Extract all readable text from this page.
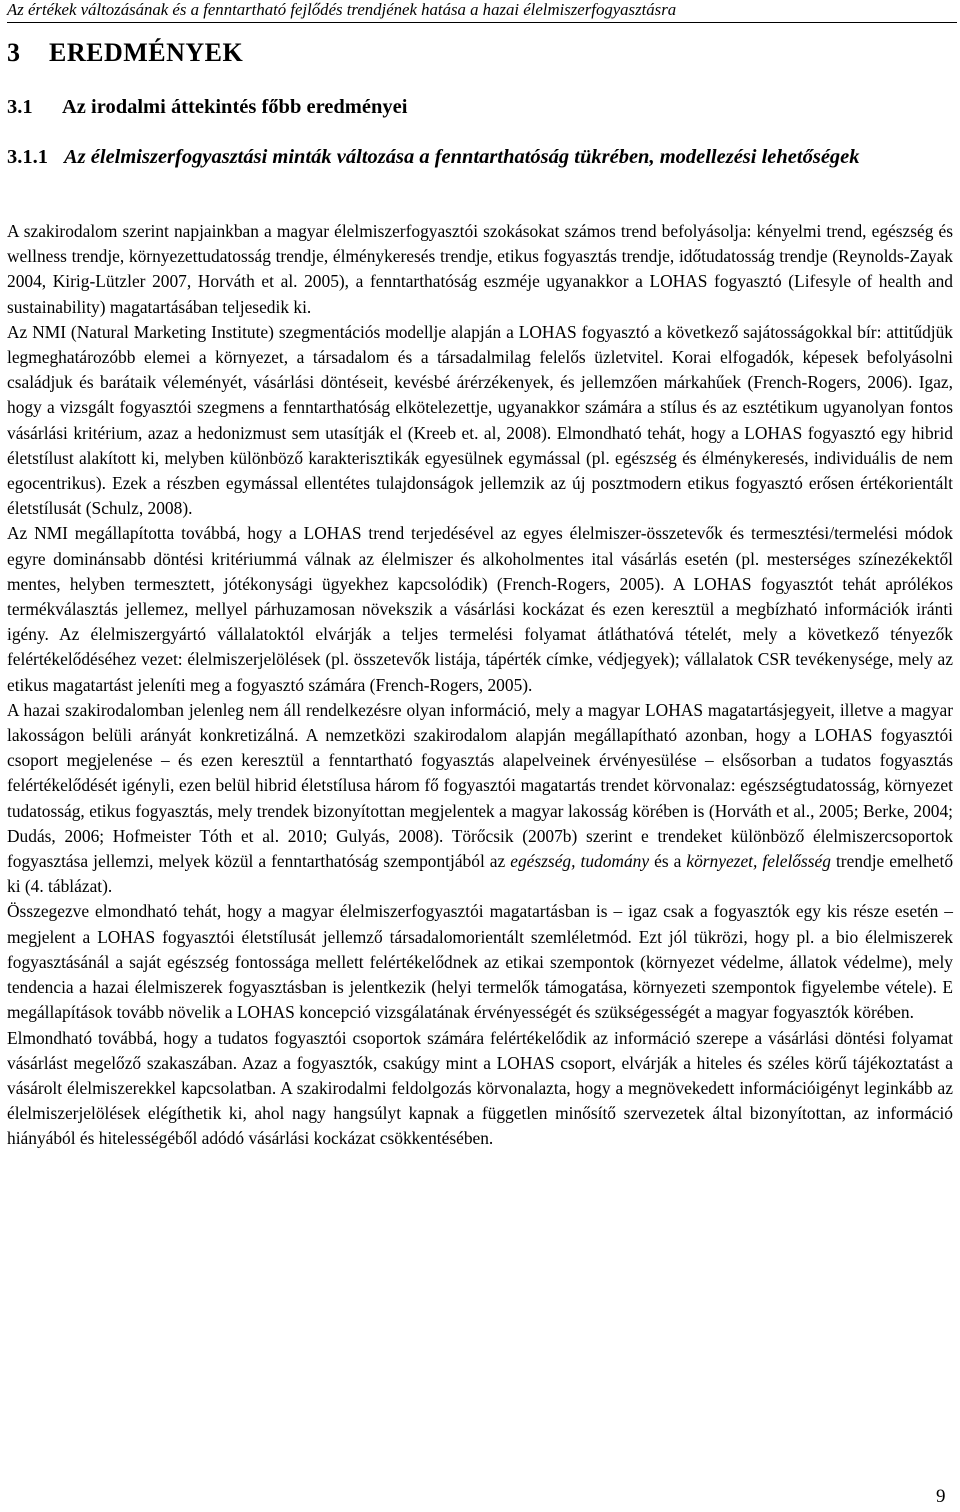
Az értékek változásának és a fenntartható fejlődés trendjének hatása a hazai élelmiszerfogyasztásra
3 EREDMÉNYEK
3.1 Az irodalmi áttekintés főbb eredményei
3.1.1 Az élelmiszerfogyasztási minták változása a fenntarthatóság tükrében, modellezési lehetőségek

A szakirodalom szerint napjainkban a magyar élelmiszerfogyasztói szokásokat számos trend befolyásolja: kényelmi trend, egészség és wellness trendje, környezettudatosság trendje, élménykeresés trendje, etikus fogyasztás trendje, időtudatosság trendje (Reynolds-Zayak 2004, Kirig-Lützler 2007, Horváth et al. 2005), a fenntarthatóság eszméje ugyanakkor a LOHAS fogyasztó (Lifesyle of health and sustainability) magatartásában teljesedik ki.

Az NMI (Natural Marketing Institute) szegmentációs modellje alapján a LOHAS fogyasztó a következő sajátosságokkal bír: attitűdjük legmeghatározóbb elemei a környezet, a társadalom és a társadalmilag felelős üzletvitel. Korai elfogadók, képesek befolyásolni családjuk és barátaik véleményét, vásárlási döntéseit, kevésbé árérzékenyek, és jellemzően márkahűek (French-Rogers, 2006). Igaz, hogy a vizsgált fogyasztói szegmens a fenntarthatóság elkötelezettje, ugyanakkor számára a stílus és az esztétikum ugyanolyan fontos vásárlási kritérium, azaz a hedonizmust sem utasítják el (Kreeb et. al, 2008). Elmondható tehát, hogy a LOHAS fogyasztó egy hibrid életstílust alakított ki, melyben különböző karakterisztikák egyesülnek egymással (pl. egészség és élménykeresés, individuális de nem egocentrikus). Ezek a részben egymással ellentétes tulajdonságok jellemzik az új posztmodern etikus fogyasztó erősen értékorientált életstílusát (Schulz, 2008).

Az NMI megállapította továbbá, hogy a LOHAS trend terjedésével az egyes élelmiszer-összetevők és termesztési/termelési módok egyre dominánsabb döntési kritériummá válnak az élelmiszer és alkoholmentes ital vásárlás esetén (pl. mesterséges színezékektől mentes, helyben termesztett, jótékonysági ügyekhez kapcsolódik) (French-Rogers, 2005). A LOHAS fogyasztót tehát aprólékos termékválasztás jellemez, mellyel párhuzamosan növekszik a vásárlási kockázat és ezen keresztül a megbízható információk iránti igény. Az élelmiszergyártó vállalatoktól elvárják a teljes termelési folyamat átláthatóvá tételét, mely a következő tényezők felértékelődéséhez vezet: élelmiszerjelölések (pl. összetevők listája, tápérték címke, védjegyek); vállalatok CSR tevékenysége, mely az etikus magatartást jeleníti meg a fogyasztó számára (French-Rogers, 2005).

A hazai szakirodalomban jelenleg nem áll rendelkezésre olyan információ, mely a magyar LOHAS magatartásjegyeit, illetve a magyar lakosságon belüli arányát konkretizálná. A nemzetközi szakirodalom alapján megállapítható azonban, hogy a LOHAS fogyasztói csoport megjelenése – és ezen keresztül a fenntartható fogyasztás alapelveinek érvényesülése – elsősorban a tudatos fogyasztás felértékelődését igényli, ezen belül hibrid életstílusa három fő fogyasztói magatartás trendet körvonalaz: egészségtudatosság, környezet tudatosság, etikus fogyasztás, mely trendek bizonyítottan megjelentek a magyar lakosság körében is (Horváth et al., 2005; Berke, 2004; Dudás, 2006; Hofmeister Tóth et al. 2010; Gulyás, 2008). Törőcsik (2007b) szerint e trendeket különböző élelmiszercsoportok fogyasztása jellemzi, melyek közül a fenntarthatóság szempontjából az egészség, tudomány és a környezet, felelősség trendje emelhető ki (4. táblázat).

Összegezve elmondható tehát, hogy a magyar élelmiszerfogyasztói magatartásban is – igaz csak a fogyasztók egy kis része esetén – megjelent a LOHAS fogyasztói életstílusát jellemző társadalomorientált szemléletmód. Ezt jól tükrözi, hogy pl. a bio élelmiszerek fogyasztásánál a saját egészség fontossága mellett felértékelődnek az etikai szempontok (környezet védelme, állatok védelme), mely tendencia a hazai élelmiszerek fogyasztásban is jelentkezik (helyi termelők támogatása, környezeti szempontok figyelembe vétele). E megállapítások tovább növelik a LOHAS koncepció vizsgálatának érvényességét és szükségességét a magyar fogyasztók körében.

Elmondható továbbá, hogy a tudatos fogyasztói csoportok számára felértékelődik az információ szerepe a vásárlási döntési folyamat vásárlást megelőző szakaszában. Azaz a fogyasztók, csakúgy mint a LOHAS csoport, elvárják a hiteles és széles körű tájékoztatást a vásárolt élelmiszerekkel kapcsolatban. A szakirodalmi feldolgozás körvonalazta, hogy a megnövekedett információigényt leginkább az élelmiszerjelölések elégíthetik ki, ahol nagy hangsúlyt kapnak a független minősítő szervezetek által bizonyítottan, az információ hiányából és hitelességéből adódó vásárlási kockázat csökkentésében.

9
